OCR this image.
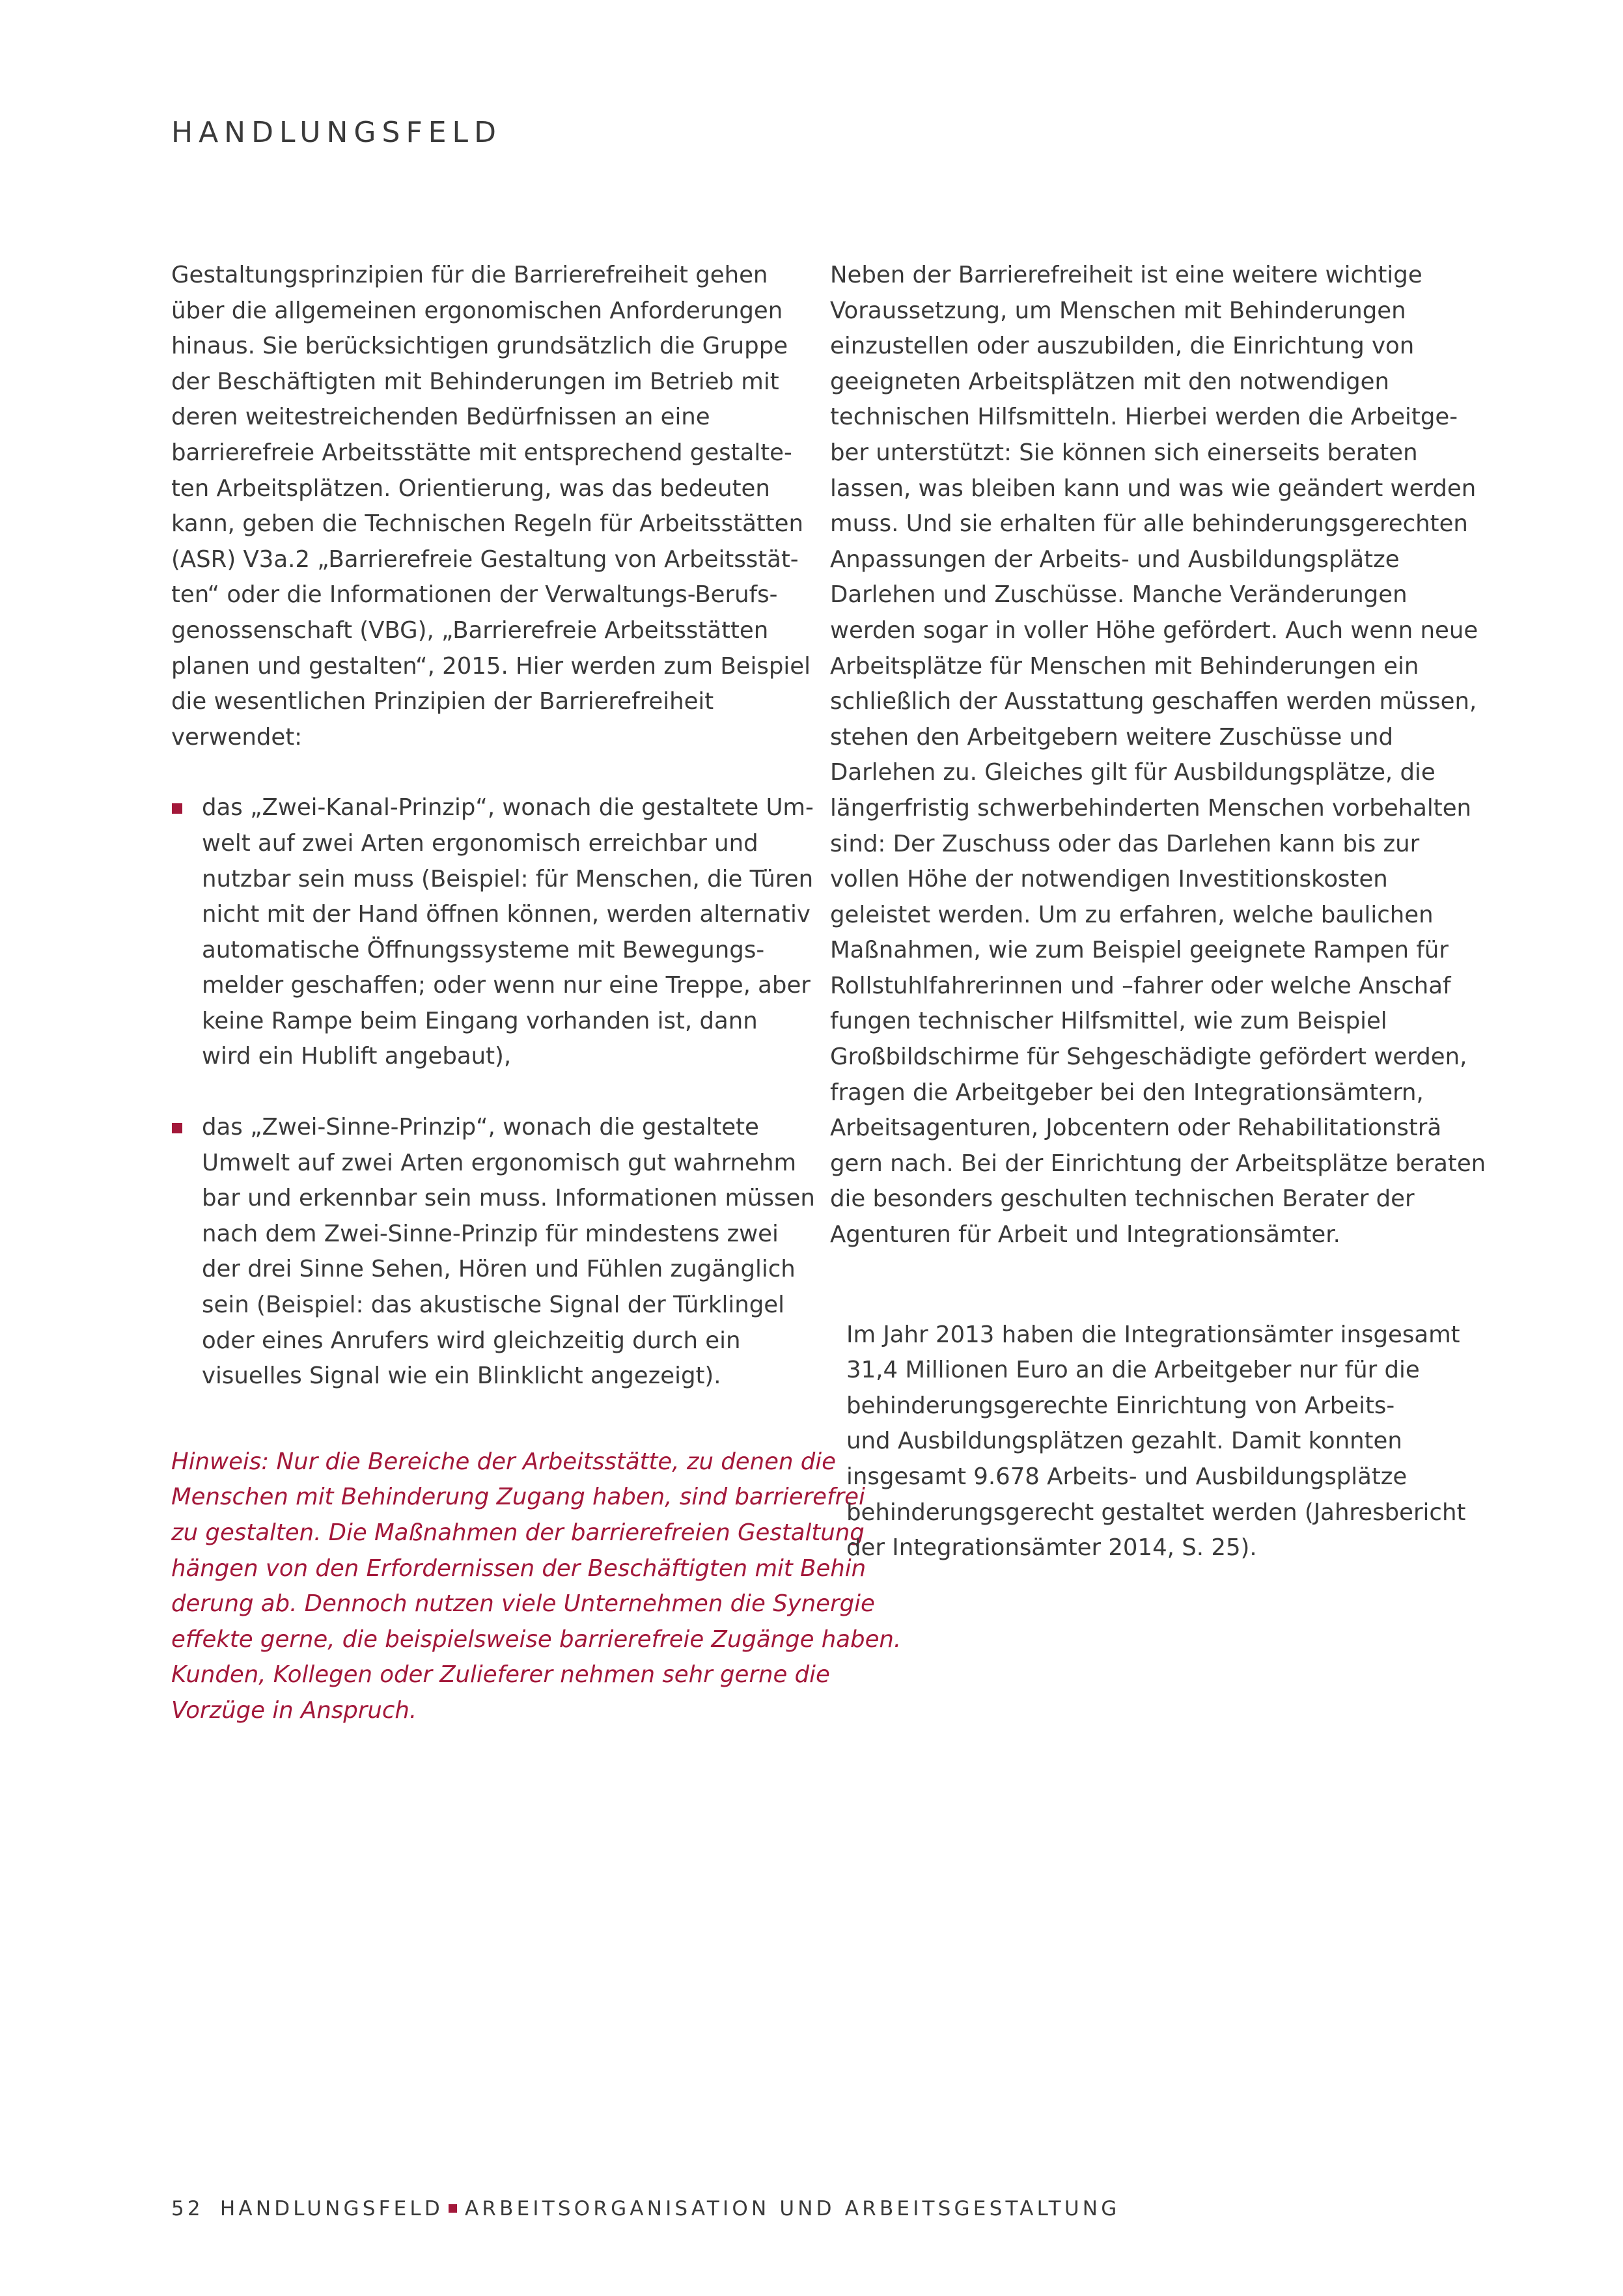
HANDLUNGSFELD

Gestaltungsprinzipien für die Barrierefreiheit gehen
über die allgemeinen ergonomischen Anforderungen
hinaus. Sie berücksichtigen grundsätzlich die Gruppe
der Beschäftigten mit Behinderungen im Betrieb mit
deren weitestreichenden Bedürfnissen an eine
barrierefreie Arbeitsstätte mit entsprechend gestalte-
ten Arbeitsplätzen. Orientierung, was das bedeuten
kann, geben die Technischen Regeln für Arbeitsstätten
(ASR) V3a.2 „Barrierefreie Gestaltung von Arbeitsstät-
ten“ oder die Informationen der Verwaltungs-Berufs-
genossenschaft (VBG), „Barrierefreie Arbeitsstätten
planen und gestalten“, 2015. Hier werden zum Beispiel
die wesentlichen Prinzipien der Barrierefreiheit
verwendet:

das „Zwei-Kanal-Prinzip“, wonach die gestaltete Um-
welt auf zwei Arten ergonomisch erreichbar und
nutzbar sein muss (Beispiel: für Menschen, die Türen
nicht mit der Hand öffnen können, werden alternativ
automatische Öffnungssysteme mit Bewegungs-
melder geschaffen; oder wenn nur eine Treppe, aber
keine Rampe beim Eingang vorhanden ist, dann
wird ein Hublift angebaut),
das „Zwei-Sinne-Prinzip“, wonach die gestaltete
Umwelt auf zwei Arten ergonomisch gut wahrnehm
bar und erkennbar sein muss. Informationen müssen
nach dem Zwei-Sinne-Prinzip für mindestens zwei
der drei Sinne Sehen, Hören und Fühlen zugänglich
sein (Beispiel: das akustische Signal der Türklingel
oder eines Anrufers wird gleichzeitig durch ein
visuelles Signal wie ein Blinklicht angezeigt).

Hinweis: Nur die Bereiche der Arbeitsstätte, zu denen die
Menschen mit Behinderung Zugang haben, sind barrierefrei
zu gestalten. Die Maßnahmen der barrierefreien Gestaltung
hängen von den Erfordernissen der Beschäftigten mit Behin
derung ab. Dennoch nutzen viele Unternehmen die Synergie
effekte gerne, die beispielsweise barrierefreie Zugänge haben.
Kunden, Kollegen oder Zulieferer nehmen sehr gerne die
Vorzüge in Anspruch.

Neben der Barrierefreiheit ist eine weitere wichtige
Voraussetzung, um Menschen mit Behinderungen
einzustellen oder auszubilden, die Einrichtung von
geeigneten Arbeitsplätzen mit den notwendigen
technischen Hilfsmitteln. Hierbei werden die Arbeitge-
ber unterstützt: Sie können sich einerseits beraten
lassen, was bleiben kann und was wie geändert werden
muss. Und sie erhalten für alle behinderungsgerechten
Anpassungen der Arbeits- und Ausbildungsplätze
Darlehen und Zuschüsse. Manche Veränderungen
werden sogar in voller Höhe gefördert. Auch wenn neue
Arbeitsplätze für Menschen mit Behinderungen ein
schließlich der Ausstattung geschaffen werden müssen,
stehen den Arbeitgebern weitere Zuschüsse und
Darlehen zu. Gleiches gilt für Ausbildungsplätze, die
längerfristig schwerbehinderten Menschen vorbehalten
sind: Der Zuschuss oder das Darlehen kann bis zur
vollen Höhe der notwendigen Investitionskosten
geleistet werden. Um zu erfahren, welche baulichen
Maßnahmen, wie zum Beispiel geeignete Rampen für
Rollstuhlfahrerinnen und –fahrer oder welche Anschaf
fungen technischer Hilfsmittel, wie zum Beispiel
Großbildschirme für Sehgeschädigte gefördert werden,
fragen die Arbeitgeber bei den Integrationsämtern,
Arbeitsagenturen, Jobcentern oder Rehabilitationsträ
gern nach. Bei der Einrichtung der Arbeitsplätze beraten
die besonders geschulten technischen Berater der
Agenturen für Arbeit und Integrationsämter.

Im Jahr 2013 haben die Integrationsämter insgesamt
31,4 Millionen Euro an die Arbeitgeber nur für die
behinderungsgerechte Einrichtung von Arbeits-
und Ausbildungsplätzen gezahlt. Damit konnten
insgesamt 9.678 Arbeits- und Ausbildungsplätze
behinderungsgerecht gestaltet werden (Jahresbericht
der Integrationsämter 2014, S. 25).

52 HANDLUNGSFELD ARBEITSORGANISATION UND ARBEITSGESTALTUNG
